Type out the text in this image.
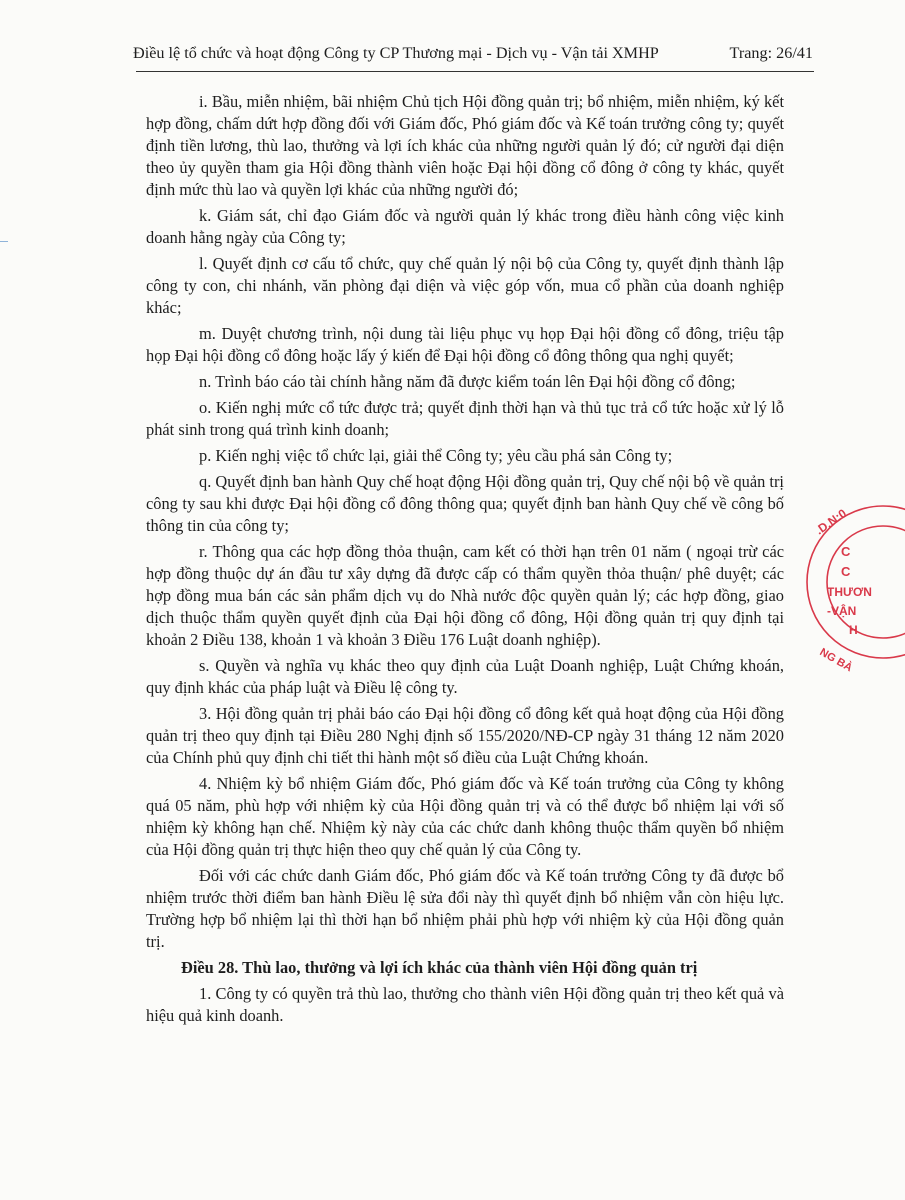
Điều lệ tổ chức và hoạt động Công ty CP Thương mại - Dịch vụ - Vận tải XMHP	Trang: 26/41

i. Bầu, miễn nhiệm, bãi nhiệm Chủ tịch Hội đồng quản trị; bổ nhiệm, miễn nhiệm, ký kết hợp đồng, chấm dứt hợp đồng đối với Giám đốc, Phó giám đốc và Kế toán trưởng công ty; quyết định tiền lương, thù lao, thưởng và lợi ích khác của những người quản lý đó; cử người đại diện theo ủy quyền tham gia Hội đồng thành viên hoặc Đại hội đồng cổ đông ở công ty khác, quyết định mức thù lao và quyền lợi khác của những người đó;

k. Giám sát, chỉ đạo Giám đốc và người quản lý khác trong điều hành công việc kinh doanh hằng ngày của Công ty;

l. Quyết định cơ cấu tổ chức, quy chế quản lý nội bộ của Công ty, quyết định thành lập công ty con, chi nhánh, văn phòng đại diện và việc góp vốn, mua cổ phần của doanh nghiệp khác;

m. Duyệt chương trình, nội dung tài liệu phục vụ họp Đại hội đồng cổ đông, triệu tập họp Đại hội đồng cổ đông hoặc lấy ý kiến để Đại hội đồng cổ đông thông qua nghị quyết;

n. Trình báo cáo tài chính hằng năm đã được kiểm toán lên Đại hội đồng cổ đông;

o. Kiến nghị mức cổ tức được trả; quyết định thời hạn và thủ tục trả cổ tức hoặc xử lý lỗ phát sinh trong quá trình kinh doanh;

p. Kiến nghị việc tổ chức lại, giải thể Công ty; yêu cầu phá sản Công ty;

q. Quyết định ban hành Quy chế hoạt động Hội đồng quản trị, Quy chế nội bộ về quản trị công ty sau khi được Đại hội đồng cổ đông thông qua; quyết định ban hành Quy chế về công bố thông tin của công ty;

r. Thông qua các hợp đồng thỏa thuận, cam kết có thời hạn trên 01 năm ( ngoại trừ các hợp đồng thuộc dự án đầu tư xây dựng đã được cấp có thẩm quyền thỏa thuận/ phê duyệt; các hợp đồng mua bán các sản phẩm dịch vụ do Nhà nước độc quyền quản lý; các hợp đồng, giao dịch thuộc thẩm quyền quyết định của Đại hội đồng cổ đông, Hội đồng quản trị quy định tại khoản 2 Điều 138, khoản 1 và khoản 3 Điều 176 Luật doanh nghiệp).

s. Quyền và nghĩa vụ khác theo quy định của Luật Doanh nghiệp, Luật Chứng khoán, quy định khác của pháp luật và Điều lệ công ty.

3. Hội đồng quản trị phải báo cáo Đại hội đồng cổ đông kết quả hoạt động của Hội đồng quản trị theo quy định tại Điều 280 Nghị định số 155/2020/NĐ-CP ngày 31 tháng 12 năm 2020 của Chính phủ quy định chi tiết thi hành một số điều của Luật Chứng khoán.

4. Nhiệm kỳ bổ nhiệm Giám đốc, Phó giám đốc và Kế toán trưởng của Công ty không quá 05 năm, phù hợp với nhiệm kỳ của Hội đồng quản trị và có thể được bổ nhiệm lại với số nhiệm kỳ không hạn chế. Nhiệm kỳ này của các chức danh không thuộc thẩm quyền bổ nhiệm của Hội đồng quản trị thực hiện theo quy chế quản lý của Công ty.

Đối với các chức danh Giám đốc, Phó giám đốc và Kế toán trưởng Công ty đã được bổ nhiệm trước thời điểm ban hành Điều lệ sửa đổi này thì quyết định bổ nhiệm vẫn còn hiệu lực. Trường hợp bổ nhiệm lại thì thời hạn bổ nhiệm phải phù hợp với nhiệm kỳ của Hội đồng quản trị.

Điều 28. Thù lao, thưởng và lợi ích khác của thành viên Hội đồng quản trị

1. Công ty có quyền trả thù lao, thưởng cho thành viên Hội đồng quản trị theo kết quả và hiệu quả kinh doanh.

.D.N:0
C
C
THƯƠN
-VẬN
H
NG BÀ
